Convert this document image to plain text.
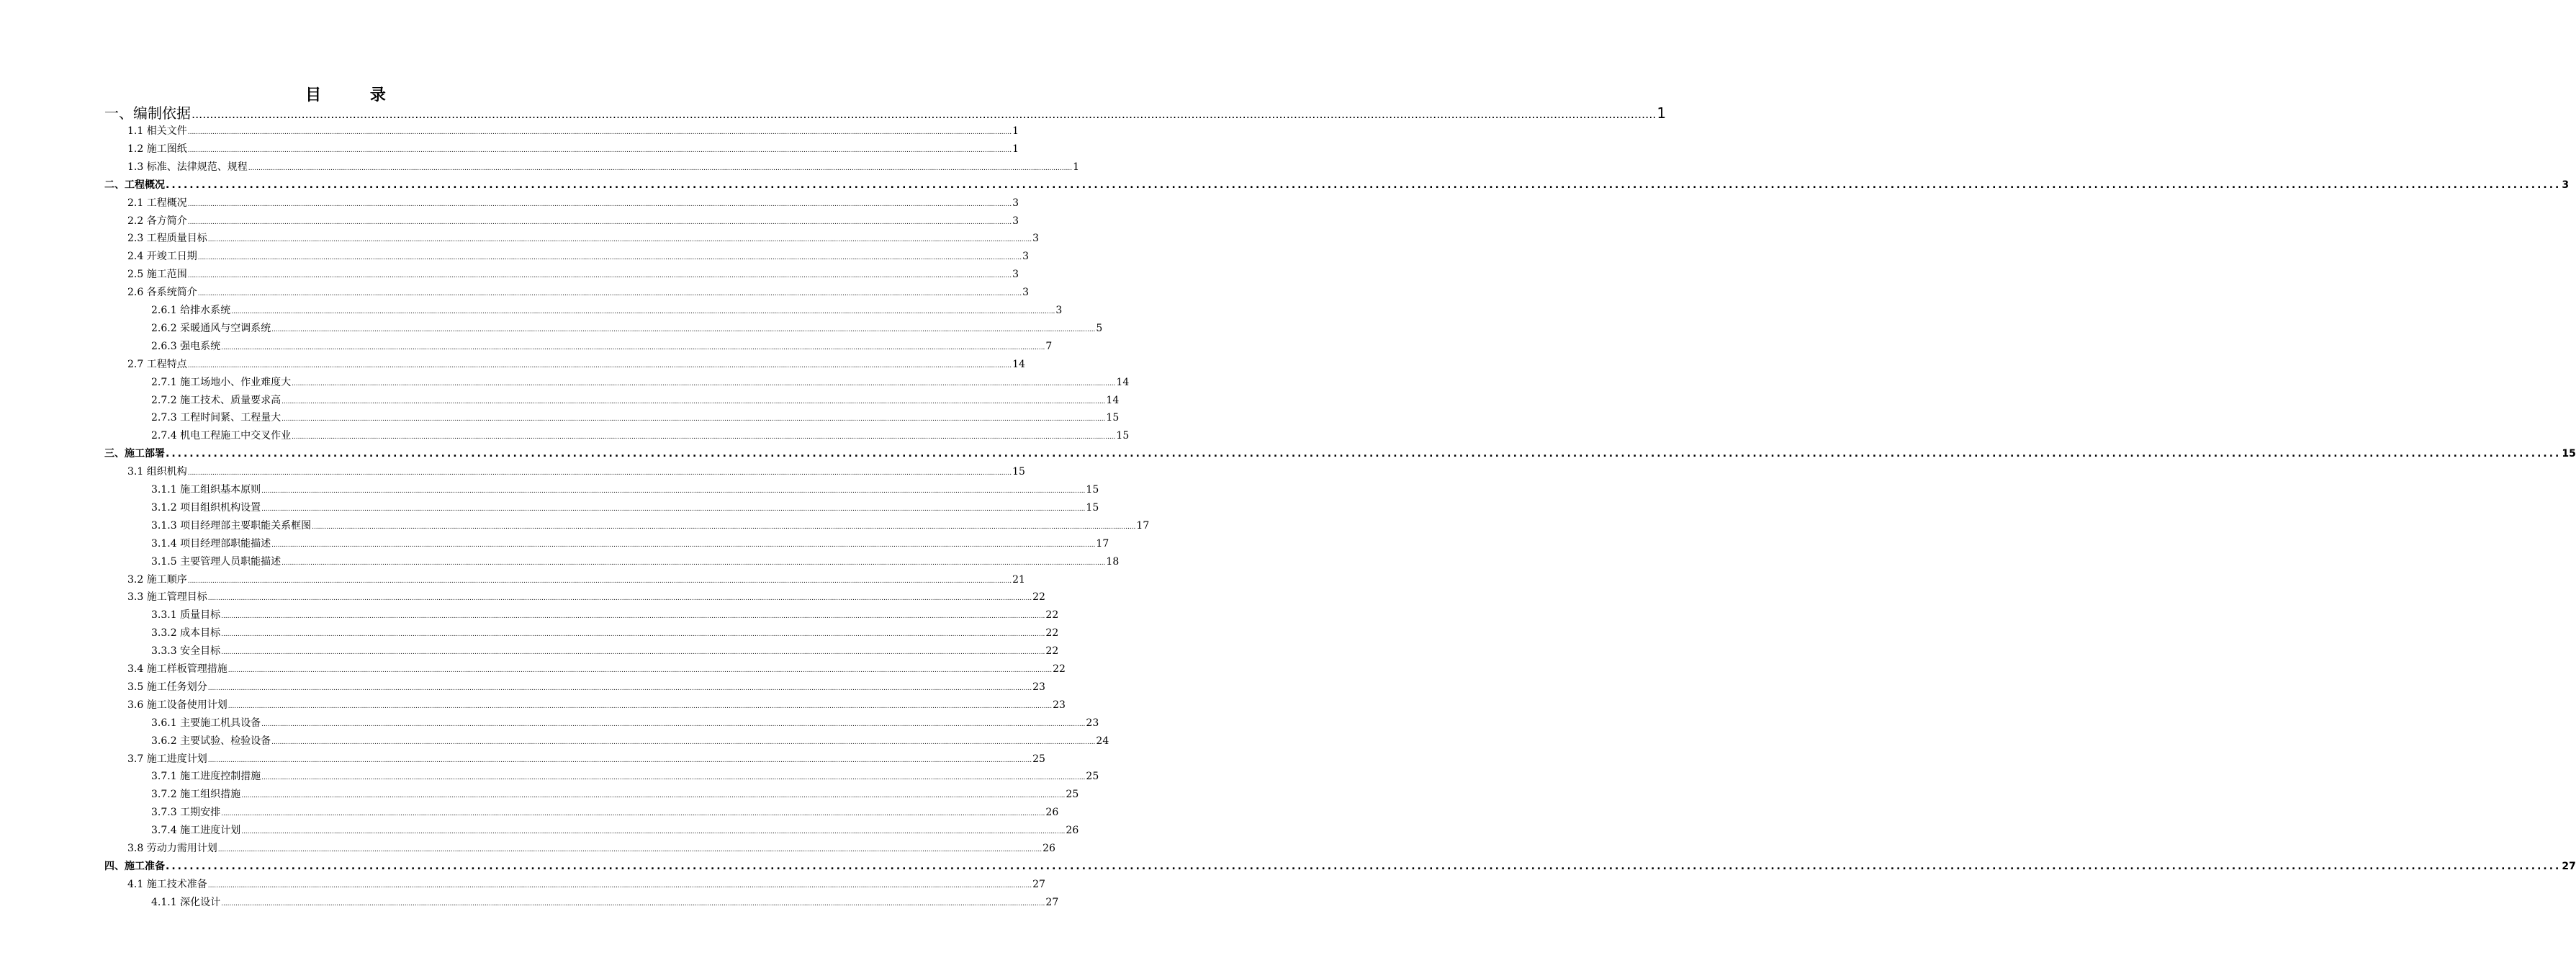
目 录
一、编制依据 ................................................................................................................................................................................................................................................................................................................................................................................................................ 1
1.1 相关文件 ................................................................................................................................................................................................................................................................................................................................................................................................................ 1
1.2 施工图纸 ................................................................................................................................................................................................................................................................................................................................................................................................................ 1
1.3 标准、法律规范、规程 ................................................................................................................................................................................................................................................................................................................................................................................................................ 1
二、工程概况 ................................................................................................................................................................................................................................................................................................................................................................................................................ 3
2.1 工程概况 ................................................................................................................................................................................................................................................................................................................................................................................................................ 3
2.2 各方简介 ................................................................................................................................................................................................................................................................................................................................................................................................................ 3
2.3 工程质量目标 ................................................................................................................................................................................................................................................................................................................................................................................................................ 3
2.4 开竣工日期 ................................................................................................................................................................................................................................................................................................................................................................................................................ 3
2.5 施工范围 ................................................................................................................................................................................................................................................................................................................................................................................................................ 3
2.6 各系统简介 ................................................................................................................................................................................................................................................................................................................................................................................................................ 3
2.6.1 给排水系统 ................................................................................................................................................................................................................................................................................................................................................................................................................ 3
2.6.2 采暖通风与空调系统 ................................................................................................................................................................................................................................................................................................................................................................................................................ 5
2.6.3 强电系统 ................................................................................................................................................................................................................................................................................................................................................................................................................ 7
2.7 工程特点 ................................................................................................................................................................................................................................................................................................................................................................................................................ 14
2.7.1 施工场地小、作业难度大 ................................................................................................................................................................................................................................................................................................................................................................................................................ 14
2.7.2 施工技术、质量要求高 ................................................................................................................................................................................................................................................................................................................................................................................................................ 14
2.7.3 工程时间紧、工程量大 ................................................................................................................................................................................................................................................................................................................................................................................................................ 15
2.7.4 机电工程施工中交叉作业 ................................................................................................................................................................................................................................................................................................................................................................................................................ 15
三、施工部署 ................................................................................................................................................................................................................................................................................................................................................................................................................ 15
3.1 组织机构 ................................................................................................................................................................................................................................................................................................................................................................................................................ 15
3.1.1 施工组织基本原则 ................................................................................................................................................................................................................................................................................................................................................................................................................ 15
3.1.2 项目组织机构设置 ................................................................................................................................................................................................................................................................................................................................................................................................................ 15
3.1.3 项目经理部主要职能关系框图 ................................................................................................................................................................................................................................................................................................................................................................................................................ 17
3.1.4 项目经理部职能描述 ................................................................................................................................................................................................................................................................................................................................................................................................................ 17
3.1.5 主要管理人员职能描述 ................................................................................................................................................................................................................................................................................................................................................................................................................ 18
3.2 施工顺序 ................................................................................................................................................................................................................................................................................................................................................................................................................ 21
3.3 施工管理目标 ................................................................................................................................................................................................................................................................................................................................................................................................................ 22
3.3.1 质量目标 ................................................................................................................................................................................................................................................................................................................................................................................................................ 22
3.3.2 成本目标 ................................................................................................................................................................................................................................................................................................................................................................................................................ 22
3.3.3 安全目标 ................................................................................................................................................................................................................................................................................................................................................................................................................ 22
3.4 施工样板管理措施 ................................................................................................................................................................................................................................................................................................................................................................................................................ 22
3.5 施工任务划分 ................................................................................................................................................................................................................................................................................................................................................................................................................ 23
3.6 施工设备使用计划 ................................................................................................................................................................................................................................................................................................................................................................................................................ 23
3.6.1 主要施工机具设备 ................................................................................................................................................................................................................................................................................................................................................................................................................ 23
3.6.2 主要试验、检验设备 ................................................................................................................................................................................................................................................................................................................................................................................................................ 24
3.7 施工进度计划 ................................................................................................................................................................................................................................................................................................................................................................................................................ 25
3.7.1 施工进度控制措施 ................................................................................................................................................................................................................................................................................................................................................................................................................ 25
3.7.2 施工组织措施 ................................................................................................................................................................................................................................................................................................................................................................................................................ 25
3.7.3 工期安排 ................................................................................................................................................................................................................................................................................................................................................................................................................ 26
3.7.4 施工进度计划 ................................................................................................................................................................................................................................................................................................................................................................................................................ 26
3.8 劳动力需用计划 ................................................................................................................................................................................................................................................................................................................................................................................................................ 26
四、施工准备 ................................................................................................................................................................................................................................................................................................................................................................................................................ 27
4.1 施工技术准备 ................................................................................................................................................................................................................................................................................................................................................................................................................ 27
4.1.1 深化设计 ................................................................................................................................................................................................................................................................................................................................................................................................................ 27
